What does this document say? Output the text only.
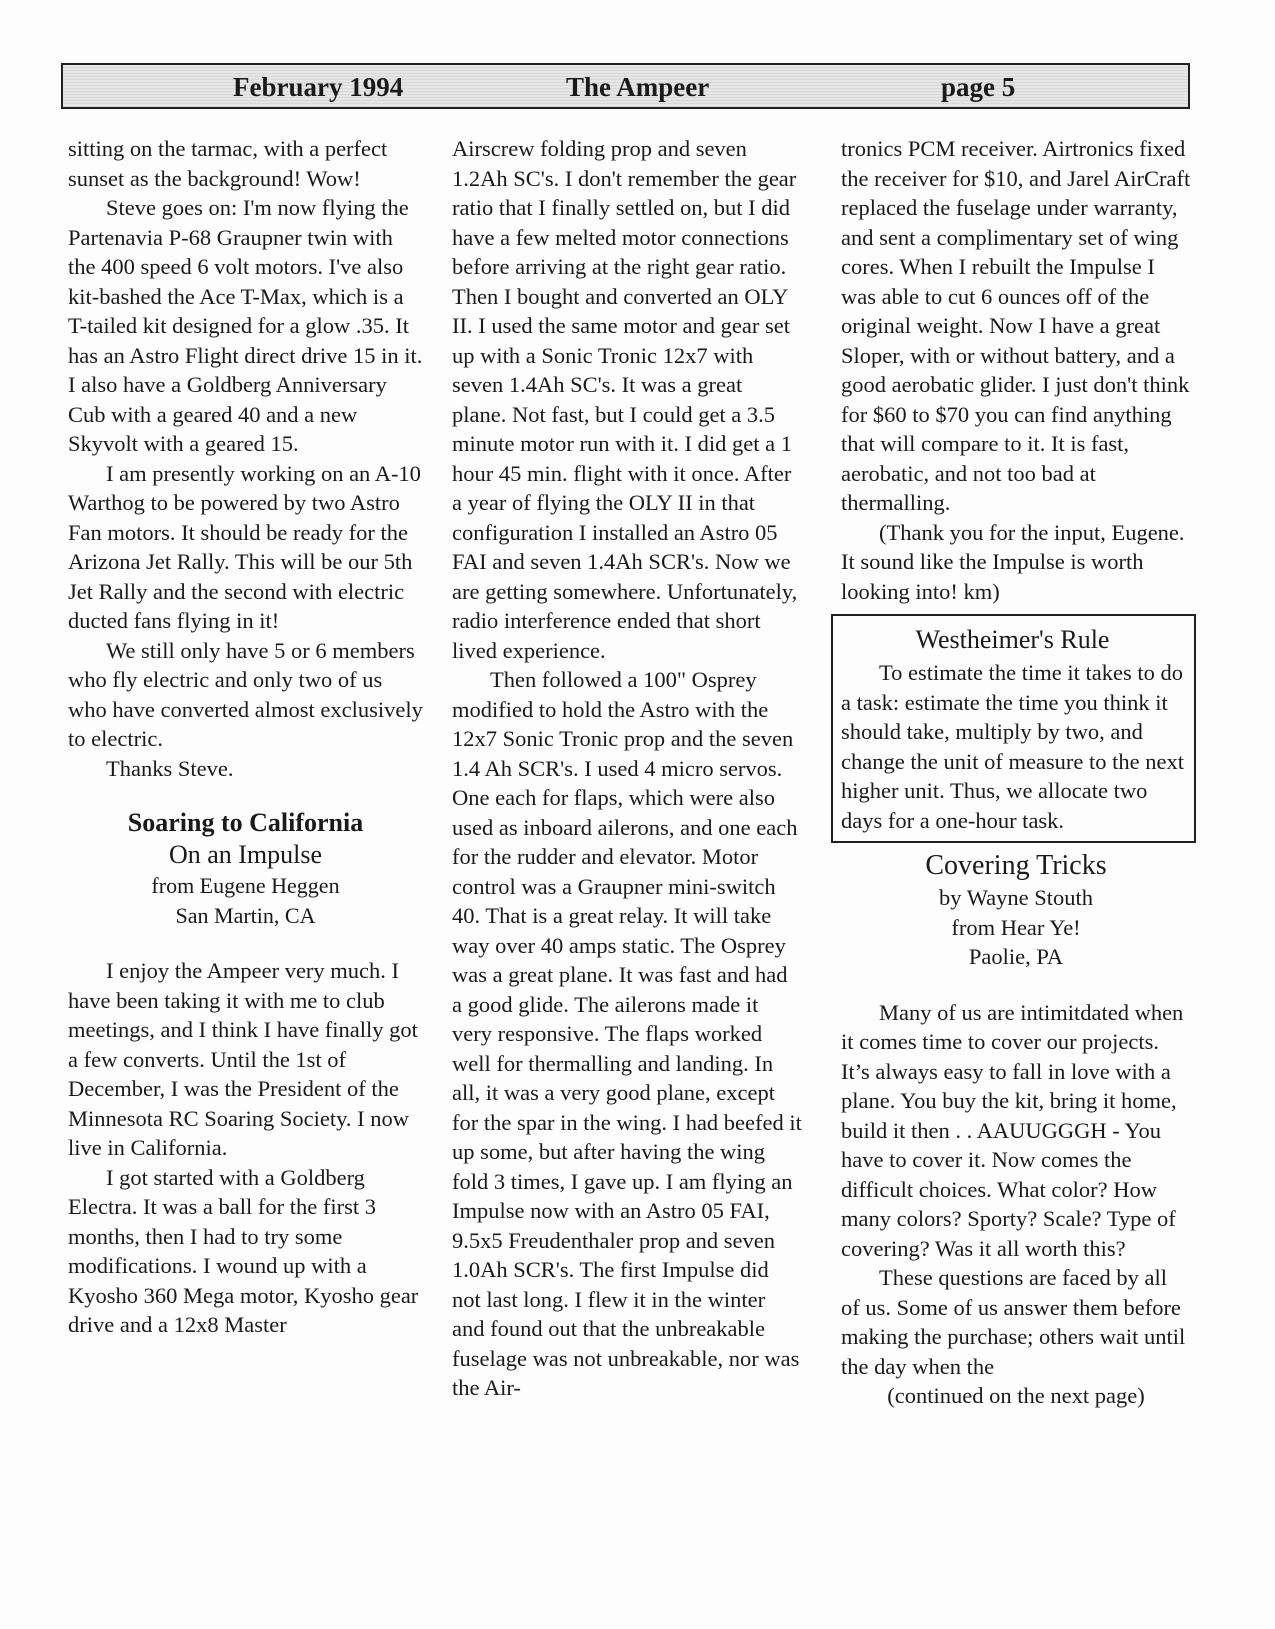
February 1994	The Ampeer	page 5

sitting on the tarmac, with a perfect sunset as the background! Wow!

Steve goes on: I'm now flying the Partenavia P-68 Graupner twin with the 400 speed 6 volt motors. I've also kit-bashed the Ace T-Max, which is a T-tailed kit designed for a glow .35. It has an Astro Flight direct drive 15 in it. I also have a Goldberg Anniversary Cub with a geared 40 and a new Skyvolt with a geared 15.

I am presently working on an A-10 Warthog to be powered by two Astro Fan motors. It should be ready for the Arizona Jet Rally. This will be our 5th Jet Rally and the second with electric ducted fans flying in it!

We still only have 5 or 6 members who fly electric and only two of us who have converted almost exclusively to electric.

Thanks Steve.

Soaring to California

On an Impulse

from Eugene Heggen

San Martin, CA

I enjoy the Ampeer very much. I have been taking it with me to club meetings, and I think I have finally got a few converts. Until the 1st of December, I was the President of the Minnesota RC Soaring Society. I now live in California.

I got started with a Goldberg Electra. It was a ball for the first 3 months, then I had to try some modifications. I wound up with a Kyosho 360 Mega motor, Kyosho gear drive and a 12x8 Master

Airscrew folding prop and seven 1.2Ah SC's. I don't remember the gear ratio that I finally settled on, but I did have a few melted motor connections before arriving at the right gear ratio. Then I bought and converted an OLY II. I used the same motor and gear set up with a Sonic Tronic 12x7 with seven 1.4Ah SC's. It was a great plane. Not fast, but I could get a 3.5 minute motor run with it. I did get a 1 hour 45 min. flight with it once. After a year of flying the OLY II in that configuration I installed an Astro 05 FAI and seven 1.4Ah SCR's. Now we are getting somewhere. Unfortunately, radio interference ended that short lived experience.

Then followed a 100" Osprey modified to hold the Astro with the 12x7 Sonic Tronic prop and the seven 1.4 Ah SCR's. I used 4 micro servos. One each for flaps, which were also used as inboard ailerons, and one each for the rudder and elevator. Motor control was a Graupner mini-switch 40. That is a great relay. It will take way over 40 amps static. The Osprey was a great plane. It was fast and had a good glide. The ailerons made it very responsive. The flaps worked well for thermalling and landing. In all, it was a very good plane, except for the spar in the wing. I had beefed it up some, but after having the wing fold 3 times, I gave up. I am flying an Impulse now with an Astro 05 FAI, 9.5x5 Freudenthaler prop and seven 1.0Ah SCR's. The first Impulse did not last long. I flew it in the winter and found out that the unbreakable fuselage was not unbreakable, nor was the Air-

tronics PCM receiver. Airtronics fixed the receiver for $10, and Jarel AirCraft replaced the fuselage under warranty, and sent a complimentary set of wing cores. When I rebuilt the Impulse I was able to cut 6 ounces off of the original weight. Now I have a great Sloper, with or without battery, and a good aerobatic glider. I just don't think for $60 to $70 you can find anything that will compare to it. It is fast, aerobatic, and not too bad at thermalling.

(Thank you for the input, Eugene. It sound like the Impulse is worth looking into! km)

Westheimer's Rule

To estimate the time it takes to do a task: estimate the time you think it should take, multiply by two, and change the unit of measure to the next higher unit. Thus, we allocate two days for a one-hour task.

Covering Tricks

by Wayne Stouth

from Hear Ye!

Paolie, PA

Many of us are intimitdated when it comes time to cover our projects. It’s always easy to fall in love with a plane. You buy the kit, bring it home, build it then . . AAUUGGGH - You have to cover it. Now comes the difficult choices. What color? How many colors? Sporty? Scale? Type of covering? Was it all worth this?

These questions are faced by all of us. Some of us answer them before making the purchase; others wait until the day when the

(continued on the next page)
